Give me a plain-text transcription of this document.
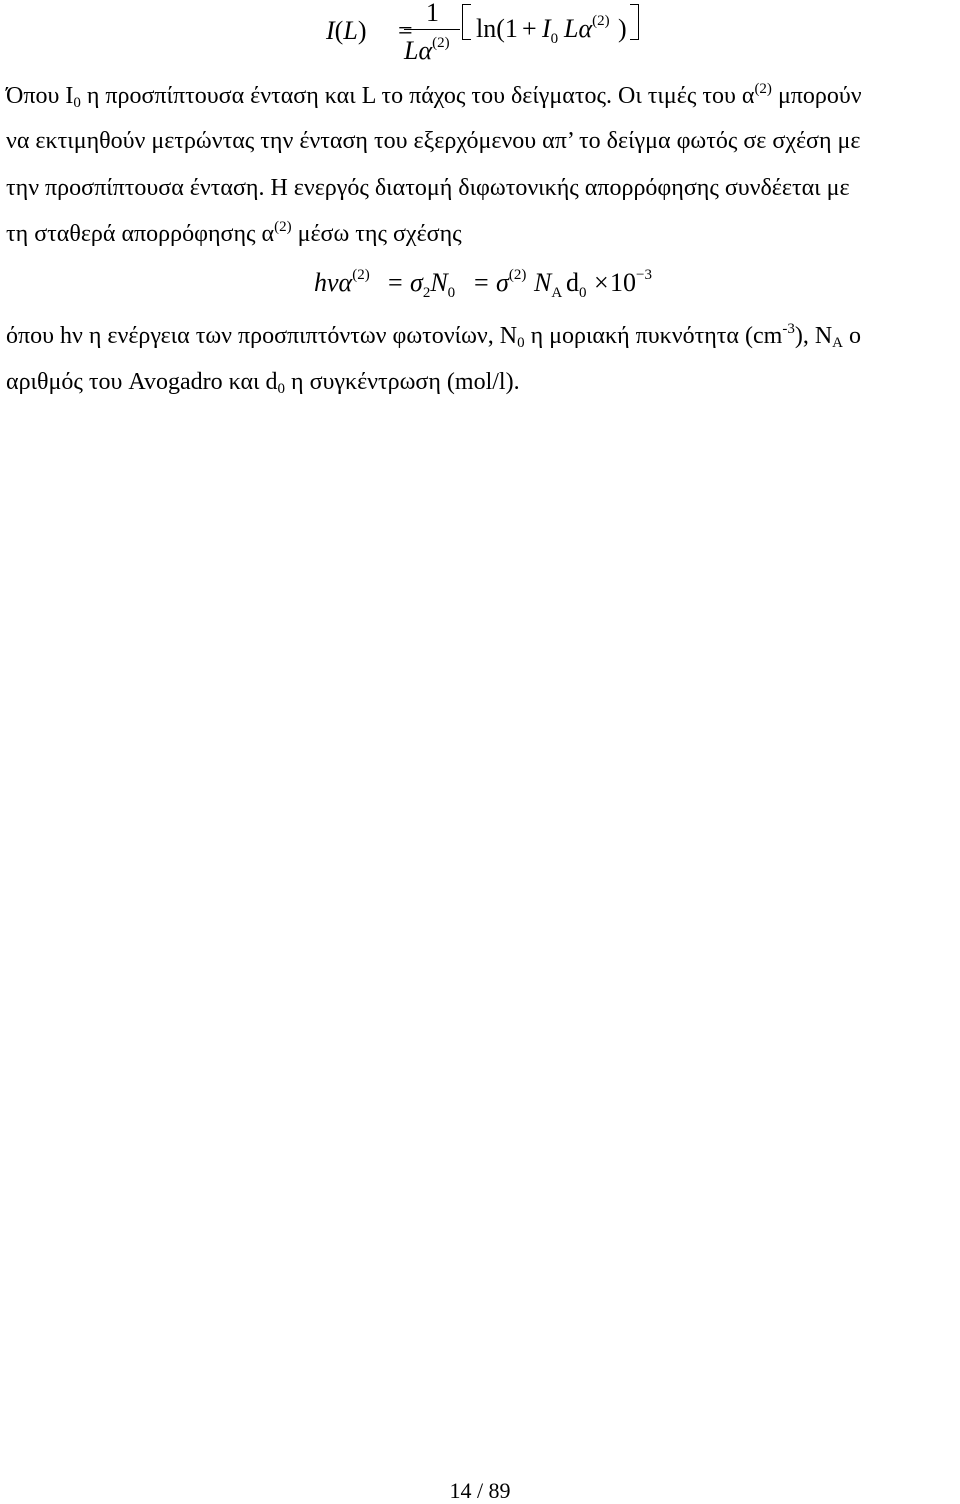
I(L) =
1
$L\alpha^{(2)}$ $\ln(1 + I_0$ $L\alpha^{(2)}$ )
Όπου I0 η προσπίπτουσα ένταση και L το πάχος του δείγματος. Οι τιμές του $\alpha^{(2)}$ μπορούν
να εκτιμηθούν μετρώντας την ένταση του εξερχόμενου απ’ το δείγμα φωτός σε σχέση με
την προσπίπτουσα ένταση. Η ενεργός διατομή διφωτονικής απορρόφησης συνδέεται με
τη σταθερά απορρόφησης $\alpha^{(2)}$ μέσω της σχέσης
$h\nu\alpha^{(2)} = \sigma_2N_0 = \sigma^{(2)}$ $N_A$ $d_0 \times 10^{-3}$
όπου hν η ενέργεια των προσπιπτόντων φωτονίων, N0 η μοριακή πυκνότητα $(cm^{-3})$, NA ο
αριθμός του Avogadro και d0 η συγκέντρωση (mol/l).
14 / 89
